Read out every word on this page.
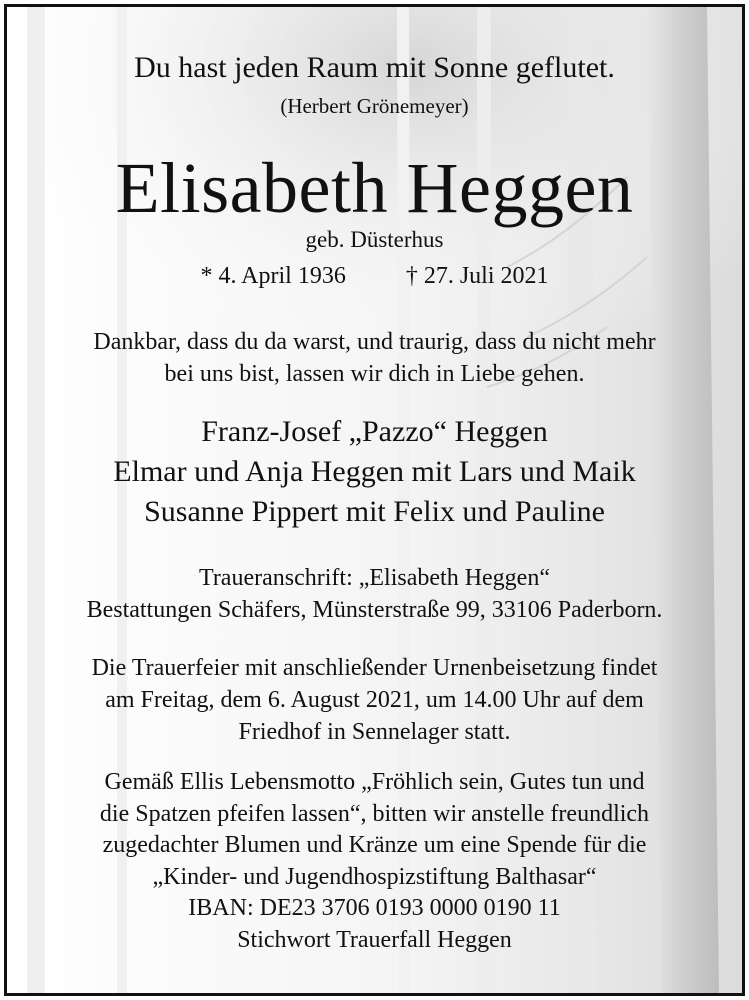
Du hast jeden Raum mit Sonne geflutet.
(Herbert Grönemeyer)
Elisabeth Heggen
geb. Düsterhus
* 4. April 1936	† 27. Juli 2021
Dankbar, dass du da warst, und traurig, dass du nicht mehr
bei uns bist, lassen wir dich in Liebe gehen.
Franz-Josef „Pazzo“ Heggen
Elmar und Anja Heggen mit Lars und Maik
Susanne Pippert mit Felix und Pauline
Traueranschrift: „Elisabeth Heggen“
Bestattungen Schäfers, Münsterstraße 99, 33106 Paderborn.
Die Trauerfeier mit anschließender Urnenbeisetzung findet
am Freitag, dem 6. August 2021, um 14.00 Uhr auf dem
Friedhof in Sennelager statt.
Gemäß Ellis Lebensmotto „Fröhlich sein, Gutes tun und
die Spatzen pfeifen lassen“, bitten wir anstelle freundlich
zugedachter Blumen und Kränze um eine Spende für die
„Kinder- und Jugendhospizstiftung Balthasar“
IBAN: DE23 3706 0193 0000 0190 11
Stichwort Trauerfall Heggen
